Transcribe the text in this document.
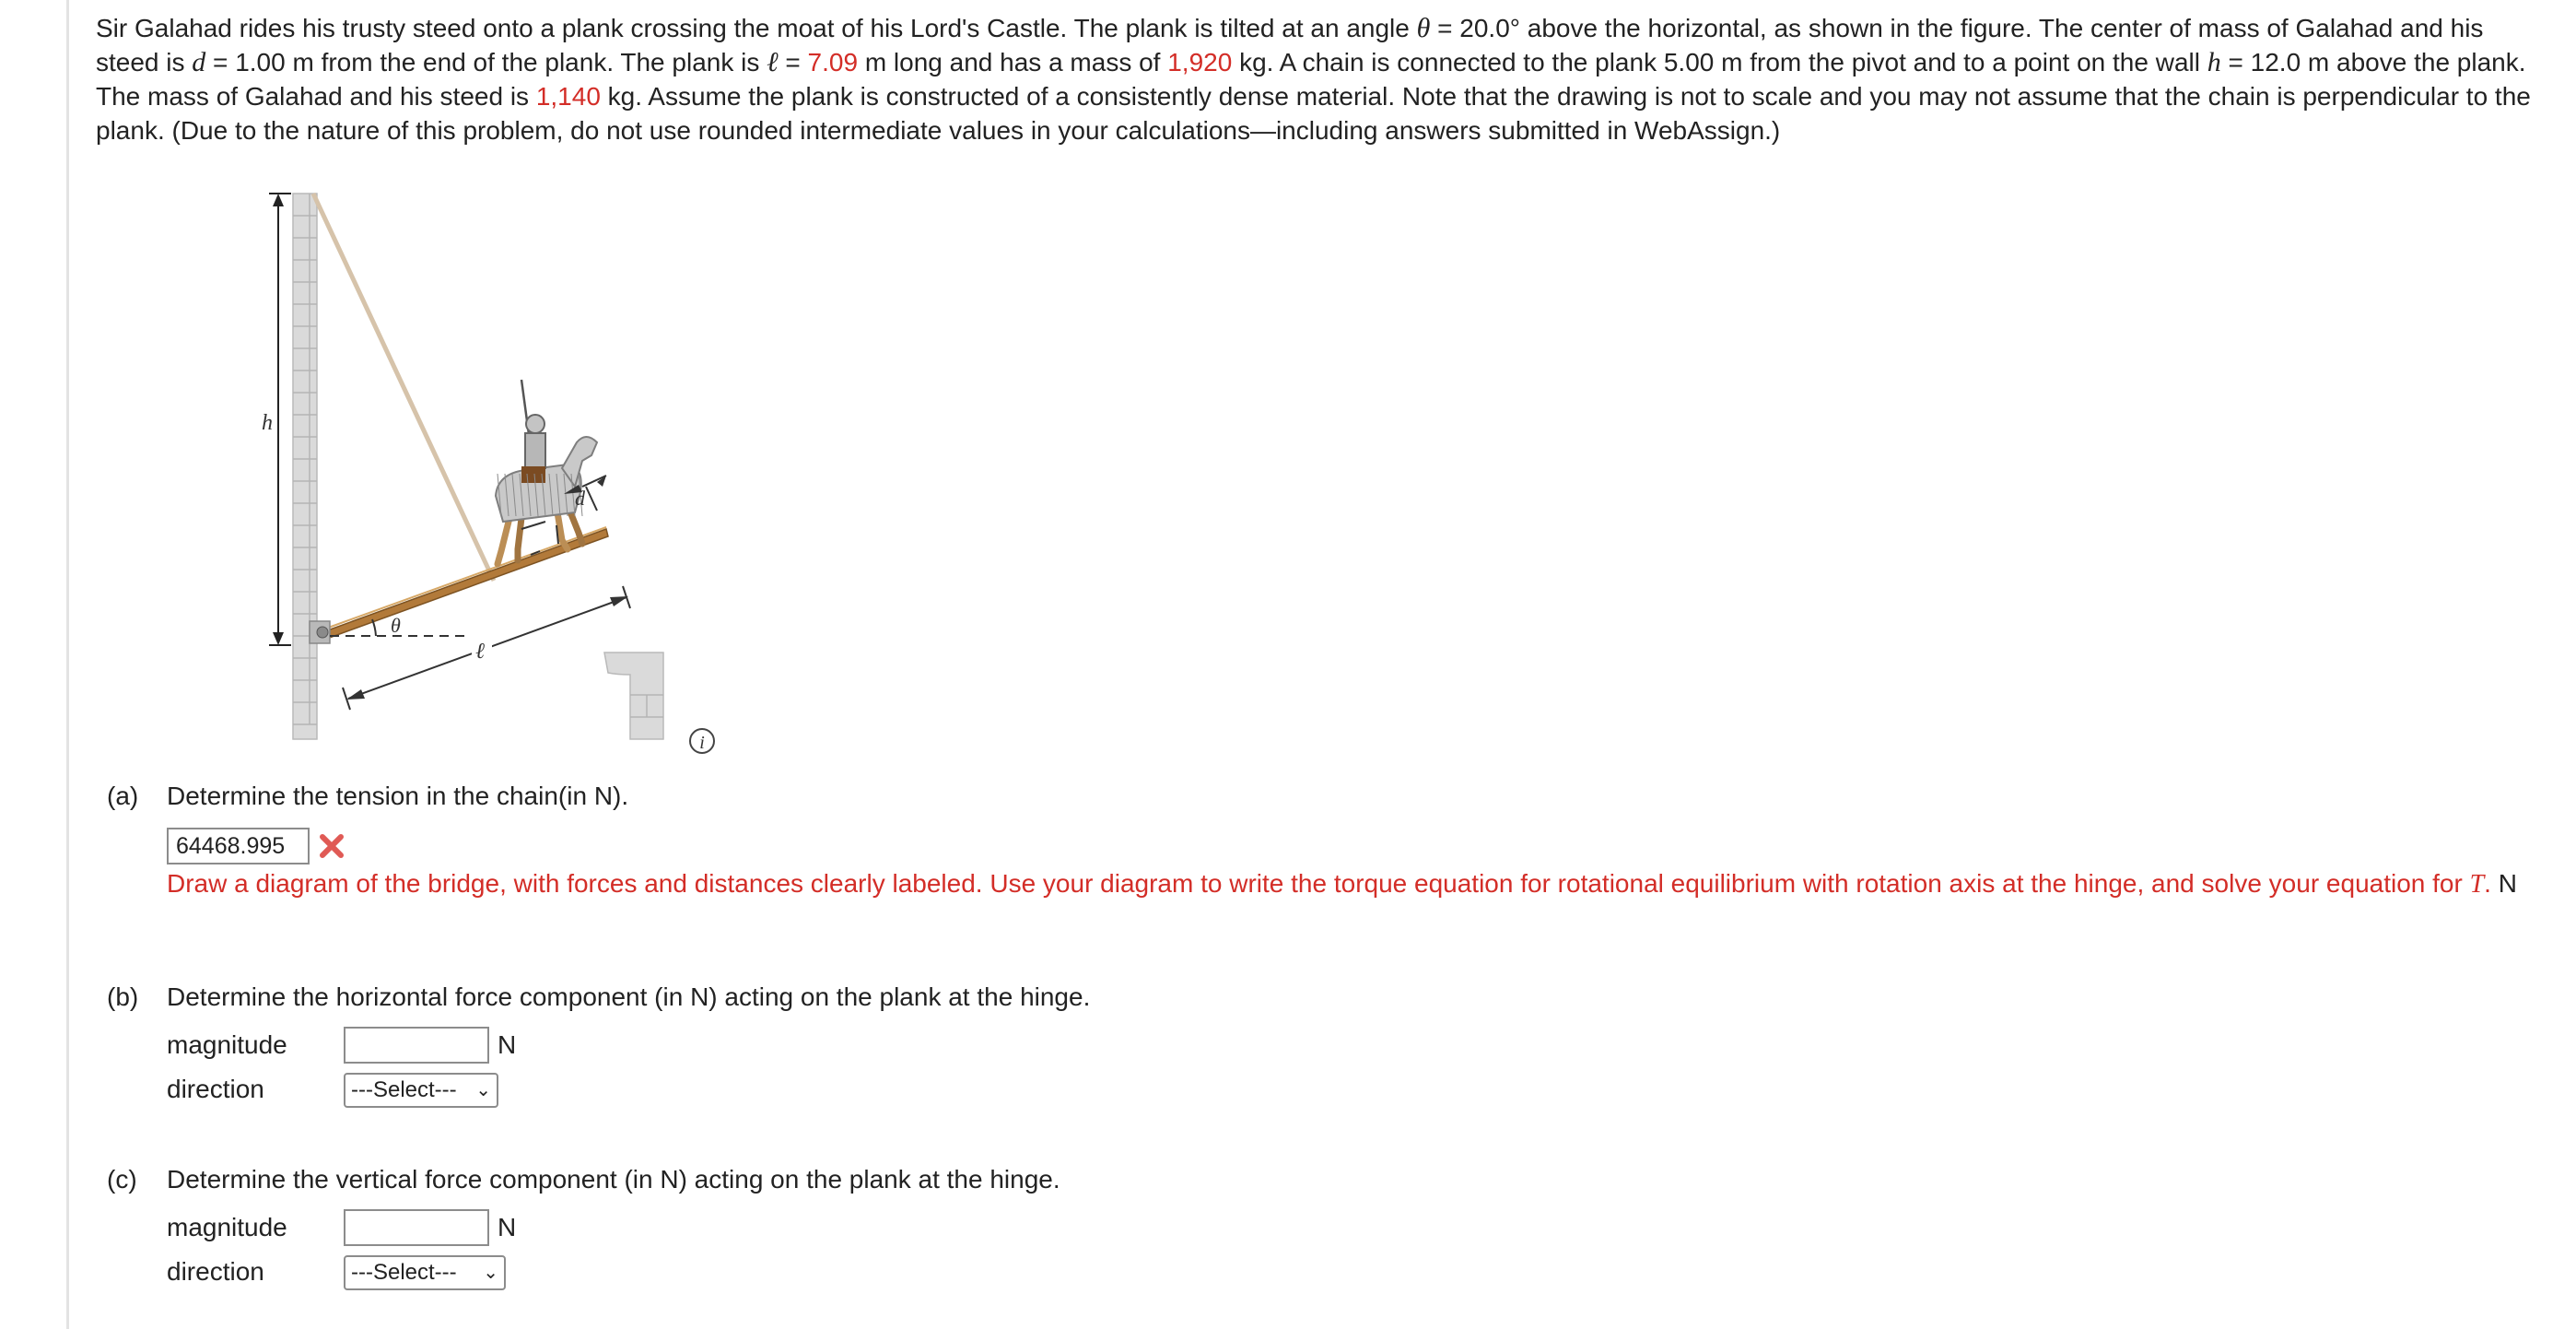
Sir Galahad rides his trusty steed onto a plank crossing the moat of his Lord's Castle. The plank is tilted at an angle θ = 20.0° above the horizontal, as shown in the figure. The center of mass of Galahad and his steed is d = 1.00 m from the end of the plank. The plank is ℓ = 7.09 m long and has a mass of 1,920 kg. A chain is connected to the plank 5.00 m from the pivot and to a point on the wall h = 12.0 m above the plank. The mass of Galahad and his steed is 1,140 kg. Assume the plank is constructed of a consistently dense material. Note that the drawing is not to scale and you may not assume that the chain is perpendicular to the plank. (Due to the nature of this problem, do not use rounded intermediate values in your calculations—including answers submitted in WebAssign.)
h
θ
ℓ
d
i
(a) Determine the tension in the chain(in N).
64468.995
Draw a diagram of the bridge, with forces and distances clearly labeled. Use your diagram to write the torque equation for rotational equilibrium with rotation axis at the hinge, and solve your equation for T. N
(b) Determine the horizontal force component (in N) acting on the plank at the hinge.
magnitude	N
direction	---Select--- ⌄
(c) Determine the vertical force component (in N) acting on the plank at the hinge.
magnitude	N
direction	---Select--- ⌄
